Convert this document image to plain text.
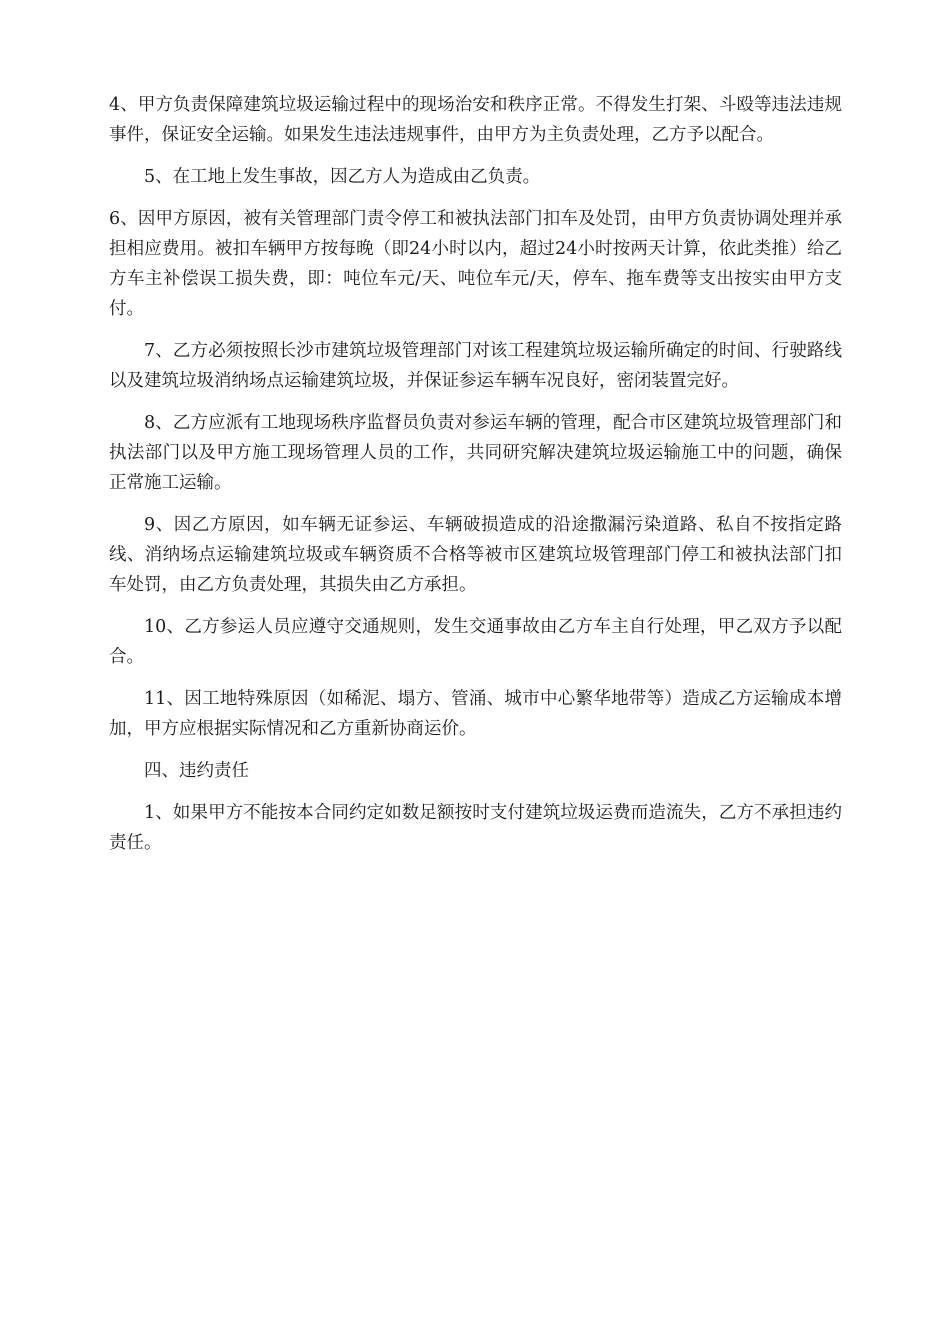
4、甲方负责保障建筑垃圾运输过程中的现场治安和秩序正常。不得发生打架、斗殴等违法违规事件，保证安全运输。如果发生违法违规事件，由甲方为主负责处理，乙方予以配合。

5、在工地上发生事故，因乙方人为造成由乙负责。

6、因甲方原因，被有关管理部门责令停工和被执法部门扣车及处罚，由甲方负责协调处理并承担相应费用。被扣车辆甲方按每晚（即24小时以内，超过24小时按两天计算，依此类推）给乙方车主补偿误工损失费，即：吨位车元/天、吨位车元/天，停车、拖车费等支出按实由甲方支付。

7、乙方必须按照长沙市建筑垃圾管理部门对该工程建筑垃圾运输所确定的时间、行驶路线以及建筑垃圾消纳场点运输建筑垃圾，并保证参运车辆车况良好，密闭装置完好。

8、乙方应派有工地现场秩序监督员负责对参运车辆的管理，配合市区建筑垃圾管理部门和执法部门以及甲方施工现场管理人员的工作，共同研究解决建筑垃圾运输施工中的问题，确保正常施工运输。

9、因乙方原因，如车辆无证参运、车辆破损造成的沿途撒漏污染道路、私自不按指定路线、消纳场点运输建筑垃圾或车辆资质不合格等被市区建筑垃圾管理部门停工和被执法部门扣车处罚，由乙方负责处理，其损失由乙方承担。

10、乙方参运人员应遵守交通规则，发生交通事故由乙方车主自行处理，甲乙双方予以配合。

11、因工地特殊原因（如稀泥、塌方、管涌、城市中心繁华地带等）造成乙方运输成本增加，甲方应根据实际情况和乙方重新协商运价。

四、违约责任

1、如果甲方不能按本合同约定如数足额按时支付建筑垃圾运费而造流失，乙方不承担违约责任。
